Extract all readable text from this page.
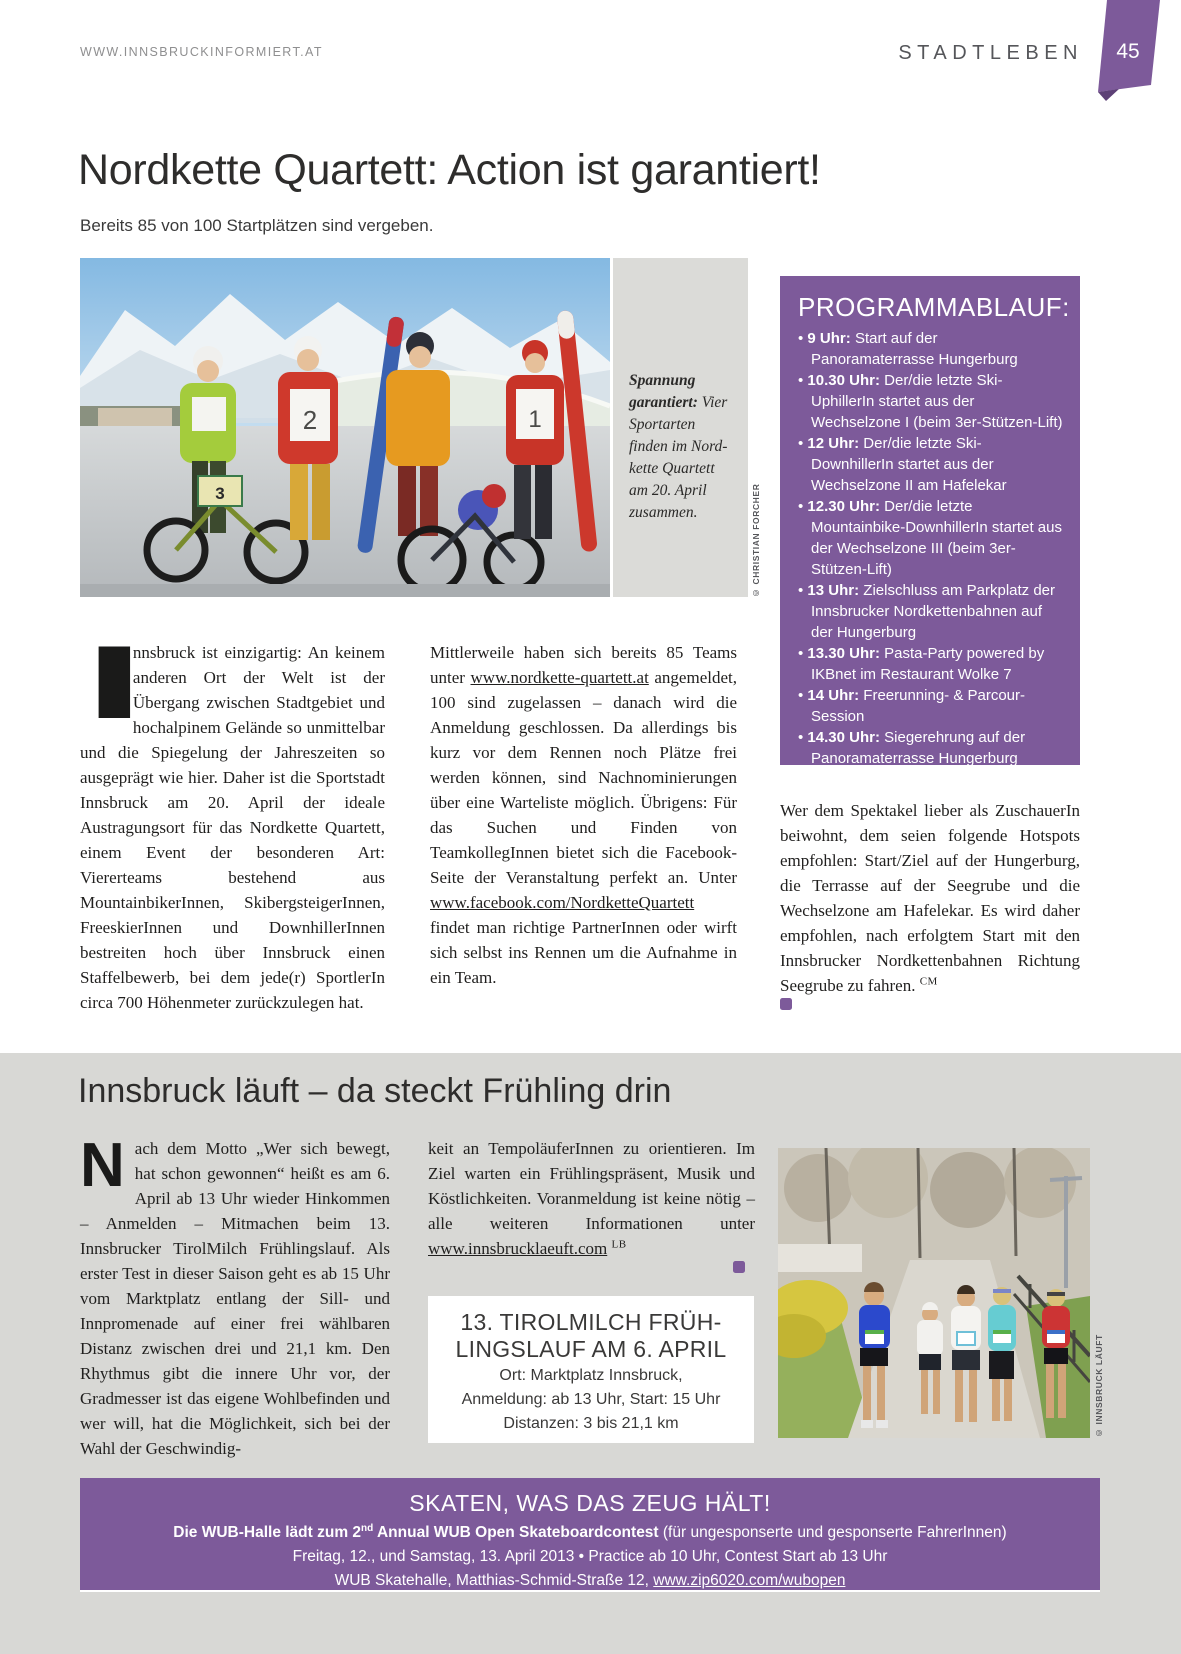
WWW.INNSBRUCKINFORMIERT.AT	STADTLEBEN 45
Nordkette Quartett: Action ist garantiert!
Bereits 85 von 100 Startplätzen sind vergeben.
3
2	1
Spannung garantiert: Vier Sportarten finden im Nordkette Quartett am 20. April zusammen.	© CHRISTIAN FORCHER
PROGRAMMABLAUF:
• 9 Uhr: Start auf der Panoramaterrasse Hungerburg
• 10.30 Uhr: Der/die letzte Ski-UphillerIn startet aus der Wechselzone I (beim 3er-Stützen-Lift)
• 12 Uhr: Der/die letzte Ski-DownhillerIn startet aus der Wechselzone II am Hafelekar
• 12.30 Uhr: Der/die letzte Mountainbike-DownhillerIn startet aus der Wechselzone III (beim 3er-Stützen-Lift)
• 13 Uhr: Zielschluss am Parkplatz der Innsbrucker Nordkettenbahnen auf der Hungerburg
• 13.30 Uhr: Pasta-Party powered by IKBnet im Restaurant Wolke 7
• 14 Uhr: Freerunning- & Parcour-Session
• 14.30 Uhr: Siegerehrung auf der Panoramaterrasse Hungerburg

I
nnsbruck ist einzigartig: An keinem anderen Ort der Welt ist der Übergang zwischen Stadtgebiet und hochalpinem Gelände so unmittelbar und die Spiegelung der Jahreszeiten so ausgeprägt wie hier. Daher ist die Sportstadt Innsbruck am 20. April der ideale Austragungsort für das Nordkette Quartett, einem Event der besonderen Art: Viererteams bestehend aus MountainbikerInnen, SkibergsteigerInnen, FreeskierInnen und DownhillerInnen bestreiten hoch über Innsbruck einen Staffelbewerb, bei dem jede(r) SportlerIn circa 700 Höhenmeter zurückzulegen hat.

Mittlerweile haben sich bereits 85 Teams unter www.nordkette-quartett.at angemeldet, 100 sind zugelassen – danach wird die Anmeldung geschlossen. Da allerdings bis kurz vor dem Rennen noch Plätze frei werden können, sind Nachnominierungen über eine Warteliste möglich. Übrigens: Für das Suchen und Finden von TeamkollegInnen bietet sich die Facebook-Seite der Veranstaltung perfekt an. Unter www.facebook.com/NordketteQuartett findet man richtige PartnerInnen oder wirft sich selbst ins Rennen um die Aufnahme in ein Team.

Wer dem Spektakel lieber als ZuschauerIn beiwohnt, dem seien folgende Hotspots empfohlen: Start/Ziel auf der Hungerburg, die Terrasse auf der Seegrube und die Wechselzone am Hafelekar. Es wird daher empfohlen, nach erfolgtem Start mit den Innsbrucker Nordkettenbahnen Richtung Seegrube zu fahren. $^{CM}$

Innsbruck läuft – da steckt Frühling drin

Nach dem Motto „Wer sich bewegt, hat schon gewonnen“ heißt es am 6. April ab 13 Uhr wieder Hinkommen – Anmelden – Mitmachen beim 13. Innsbrucker TirolMilch Frühlingslauf. Als erster Test in dieser Saison geht es ab 15 Uhr vom Marktplatz entlang der Sill- und Innpromenade auf einer frei wählbaren Distanz zwischen drei und 21,1 km. Den Rhythmus gibt die innere Uhr vor, der Gradmesser ist das eigene Wohlbefinden und wer will, hat die Möglichkeit, sich bei der Wahl der Geschwindig-

keit an TempoläuferInnen zu orientieren. Im Ziel warten ein Frühlingspräsent, Musik und Köstlichkeiten. Voranmeldung ist keine nötig – alle weiteren Informationen unter www.innsbrucklaeuft.com $^{LB}$

13. TIROLMILCH FRÜH-
LINGSLAUF AM 6. APRIL
Ort: Marktplatz Innsbruck,
Anmeldung: ab 13 Uhr, Start: 15 Uhr
Distanzen: 3 bis 21,1 km	© INNSBRUCK LÄUFT
SKATEN, WAS DAS ZEUG HÄLT!
Die WUB-Halle lädt zum 2nd Annual WUB Open Skateboardcontest (für ungesponserte und gesponserte FahrerInnen)
Freitag, 12., und Samstag, 13. April 2013 • Practice ab 10 Uhr, Contest Start ab 13 Uhr
WUB Skatehalle, Matthias-Schmid-Straße 12, www.zip6020.com/wubopen
